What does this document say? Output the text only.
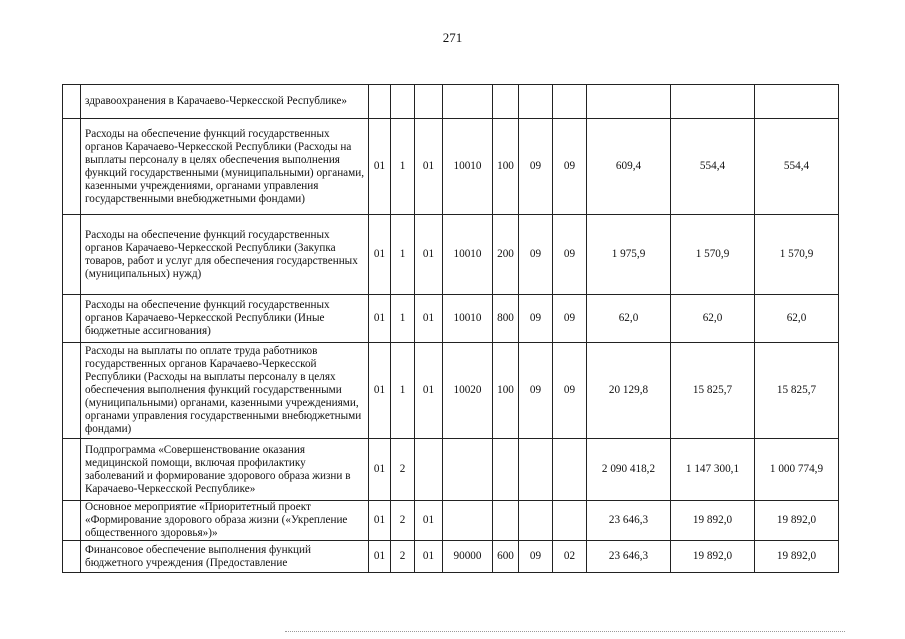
271
	здравоохранения в Карачаево-Черкесской Республике»										
	Расходы на обеспечение функций государственных органов Карачаево-Черкесской Республики (Расходы на выплаты персоналу в целях обеспечения выполнения функций государственными (муниципальными) органами, казенными учреждениями, органами управления государственными внебюджетными фондами)	01	1	01	10010	100	09	09	609,4	554,4	554,4
	Расходы на обеспечение функций государственных органов Карачаево-Черкесской Республики (Закупка товаров, работ и услуг для обеспечения государственных (муниципальных) нужд)	01	1	01	10010	200	09	09	1 975,9	1 570,9	1 570,9
	Расходы на обеспечение функций государственных органов Карачаево-Черкесской Республики (Иные бюджетные ассигнования)	01	1	01	10010	800	09	09	62,0	62,0	62,0
	Расходы на выплаты по оплате труда работников государственных органов Карачаево-Черкесской Республики (Расходы на выплаты персоналу в целях обеспечения выполнения функций государственными (муниципальными) органами, казенными учреждениями, органами управления государственными внебюджетными фондами)	01	1	01	10020	100	09	09	20 129,8	15 825,7	15 825,7
	Подпрограмма «Совершенствование оказания медицинской помощи, включая профилактику заболеваний и формирование здорового образа жизни в Карачаево-Черкесской Республике»	01	2						2 090 418,2	1 147 300,1	1 000 774,9
	Основное мероприятие «Приоритетный проект «Формирование здорового образа жизни («Укрепление общественного здоровья»)»	01	2	01					23 646,3	19 892,0	19 892,0
	Финансовое обеспечение выполнения функций бюджетного учреждения (Предоставление	01	2	01	90000	600	09	02	23 646,3	19 892,0	19 892,0
